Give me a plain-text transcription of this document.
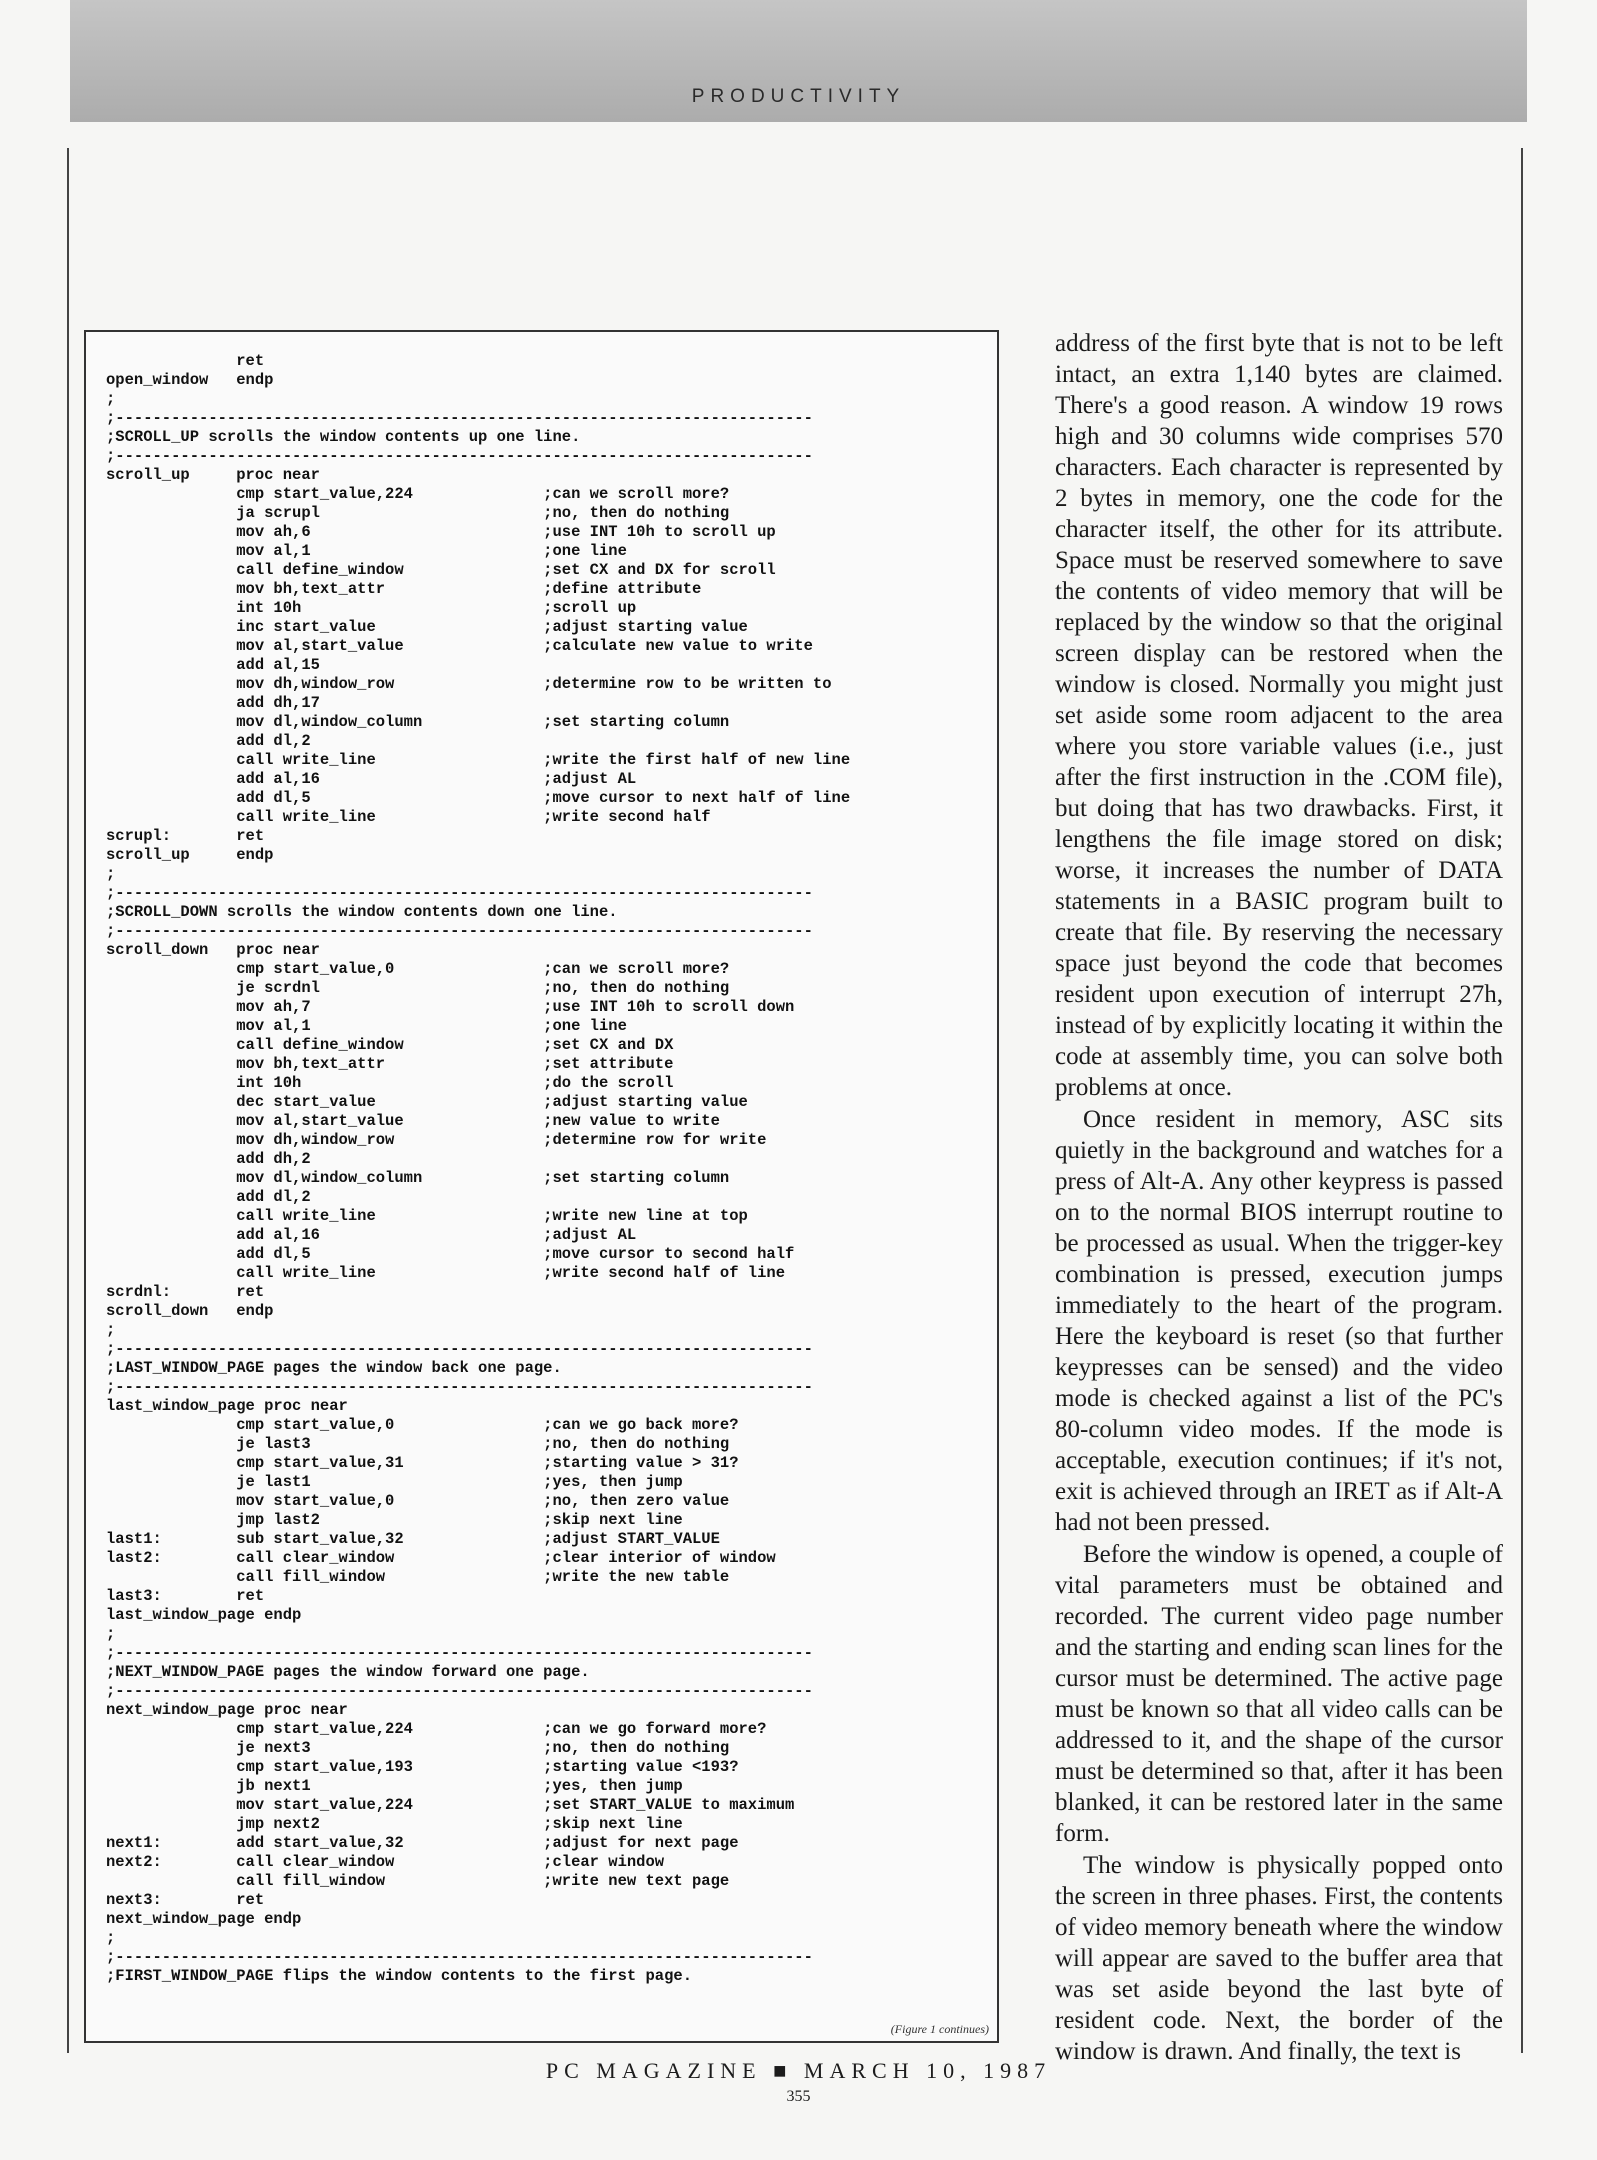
PRODUCTIVITY
ret
open_window   endp
;
;---------------------------------------------------------------------------
;SCROLL_UP scrolls the window contents up one line.
;---------------------------------------------------------------------------
scroll_up     proc near
cmp start_value,224              ;can we scroll more?
ja scrupl                        ;no, then do nothing
mov ah,6                         ;use INT 10h to scroll up
mov al,1                         ;one line
call define_window               ;set CX and DX for scroll
mov bh,text_attr                 ;define attribute
int 10h                          ;scroll up
inc start_value                  ;adjust starting value
mov al,start_value               ;calculate new value to write
add al,15
mov dh,window_row                ;determine row to be written to
add dh,17
mov dl,window_column             ;set starting column
add dl,2
call write_line                  ;write the first half of new line
add al,16                        ;adjust AL
add dl,5                         ;move cursor to next half of line
call write_line                  ;write second half
scrupl:       ret
scroll_up     endp
;
;---------------------------------------------------------------------------
;SCROLL_DOWN scrolls the window contents down one line.
;---------------------------------------------------------------------------
scroll_down   proc near
cmp start_value,0                ;can we scroll more?
je scrdnl                        ;no, then do nothing
mov ah,7                         ;use INT 10h to scroll down
mov al,1                         ;one line
call define_window               ;set CX and DX
mov bh,text_attr                 ;set attribute
int 10h                          ;do the scroll
dec start_value                  ;adjust starting value
mov al,start_value               ;new value to write
mov dh,window_row                ;determine row for write
add dh,2
mov dl,window_column             ;set starting column
add dl,2
call write_line                  ;write new line at top
add al,16                        ;adjust AL
add dl,5                         ;move cursor to second half
call write_line                  ;write second half of line
scrdnl:       ret
scroll_down   endp
;
;---------------------------------------------------------------------------
;LAST_WINDOW_PAGE pages the window back one page.
;---------------------------------------------------------------------------
last_window_page proc near
cmp start_value,0                ;can we go back more?
je last3                         ;no, then do nothing
cmp start_value,31               ;starting value > 31?
je last1                         ;yes, then jump
mov start_value,0                ;no, then zero value
jmp last2                        ;skip next line
last1:        sub start_value,32               ;adjust START_VALUE
last2:        call clear_window                ;clear interior of window
call fill_window                 ;write the new table
last3:        ret
last_window_page endp
;
;---------------------------------------------------------------------------
;NEXT_WINDOW_PAGE pages the window forward one page.
;---------------------------------------------------------------------------
next_window_page proc near
cmp start_value,224              ;can we go forward more?
je next3                         ;no, then do nothing
cmp start_value,193              ;starting value <193?
jb next1                         ;yes, then jump
mov start_value,224              ;set START_VALUE to maximum
jmp next2                        ;skip next line
next1:        add start_value,32               ;adjust for next page
next2:        call clear_window                ;clear window
call fill_window                 ;write new text page
next3:        ret
next_window_page endp
;
;---------------------------------------------------------------------------
;FIRST_WINDOW_PAGE flips the window contents to the first page.
(Figure 1 continues)

address of the first byte that is not to be left intact, an extra 1,140 bytes are claimed. There's a good reason. A window 19 rows high and 30 columns wide comprises 570 characters. Each character is represented by 2 bytes in memory, one the code for the character itself, the other for its attribute. Space must be reserved somewhere to save the contents of video memory that will be replaced by the window so that the original screen display can be restored when the window is closed. Normally you might just set aside some room adjacent to the area where you store variable values (i.e., just after the first instruction in the .COM file), but doing that has two drawbacks. First, it lengthens the file image stored on disk; worse, it increases the number of DATA statements in a BASIC program built to create that file. By reserving the necessary space just beyond the code that becomes resident upon execution of interrupt 27h, instead of by explicitly locating it within the code at assembly time, you can solve both problems at once.

Once resident in memory, ASC sits quietly in the background and watches for a press of Alt-A. Any other keypress is passed on to the normal BIOS interrupt routine to be processed as usual. When the trigger-key combination is pressed, execution jumps immediately to the heart of the program. Here the keyboard is reset (so that further keypresses can be sensed) and the video mode is checked against a list of the PC's 80-column video modes. If the mode is acceptable, execution continues; if it's not, exit is achieved through an IRET as if Alt-A had not been pressed.

Before the window is opened, a couple of vital parameters must be obtained and recorded. The current video page number and the starting and ending scan lines for the cursor must be determined. The active page must be known so that all video calls can be addressed to it, and the shape of the cursor must be determined so that, after it has been blanked, it can be restored later in the same form.

The window is physically popped onto the screen in three phases. First, the contents of video memory beneath where the window will appear are saved to the buffer area that was set aside beyond the last byte of resident code. Next, the border of the window is drawn. And finally, the text is

PC MAGAZINE ■ MARCH 10, 1987
355
